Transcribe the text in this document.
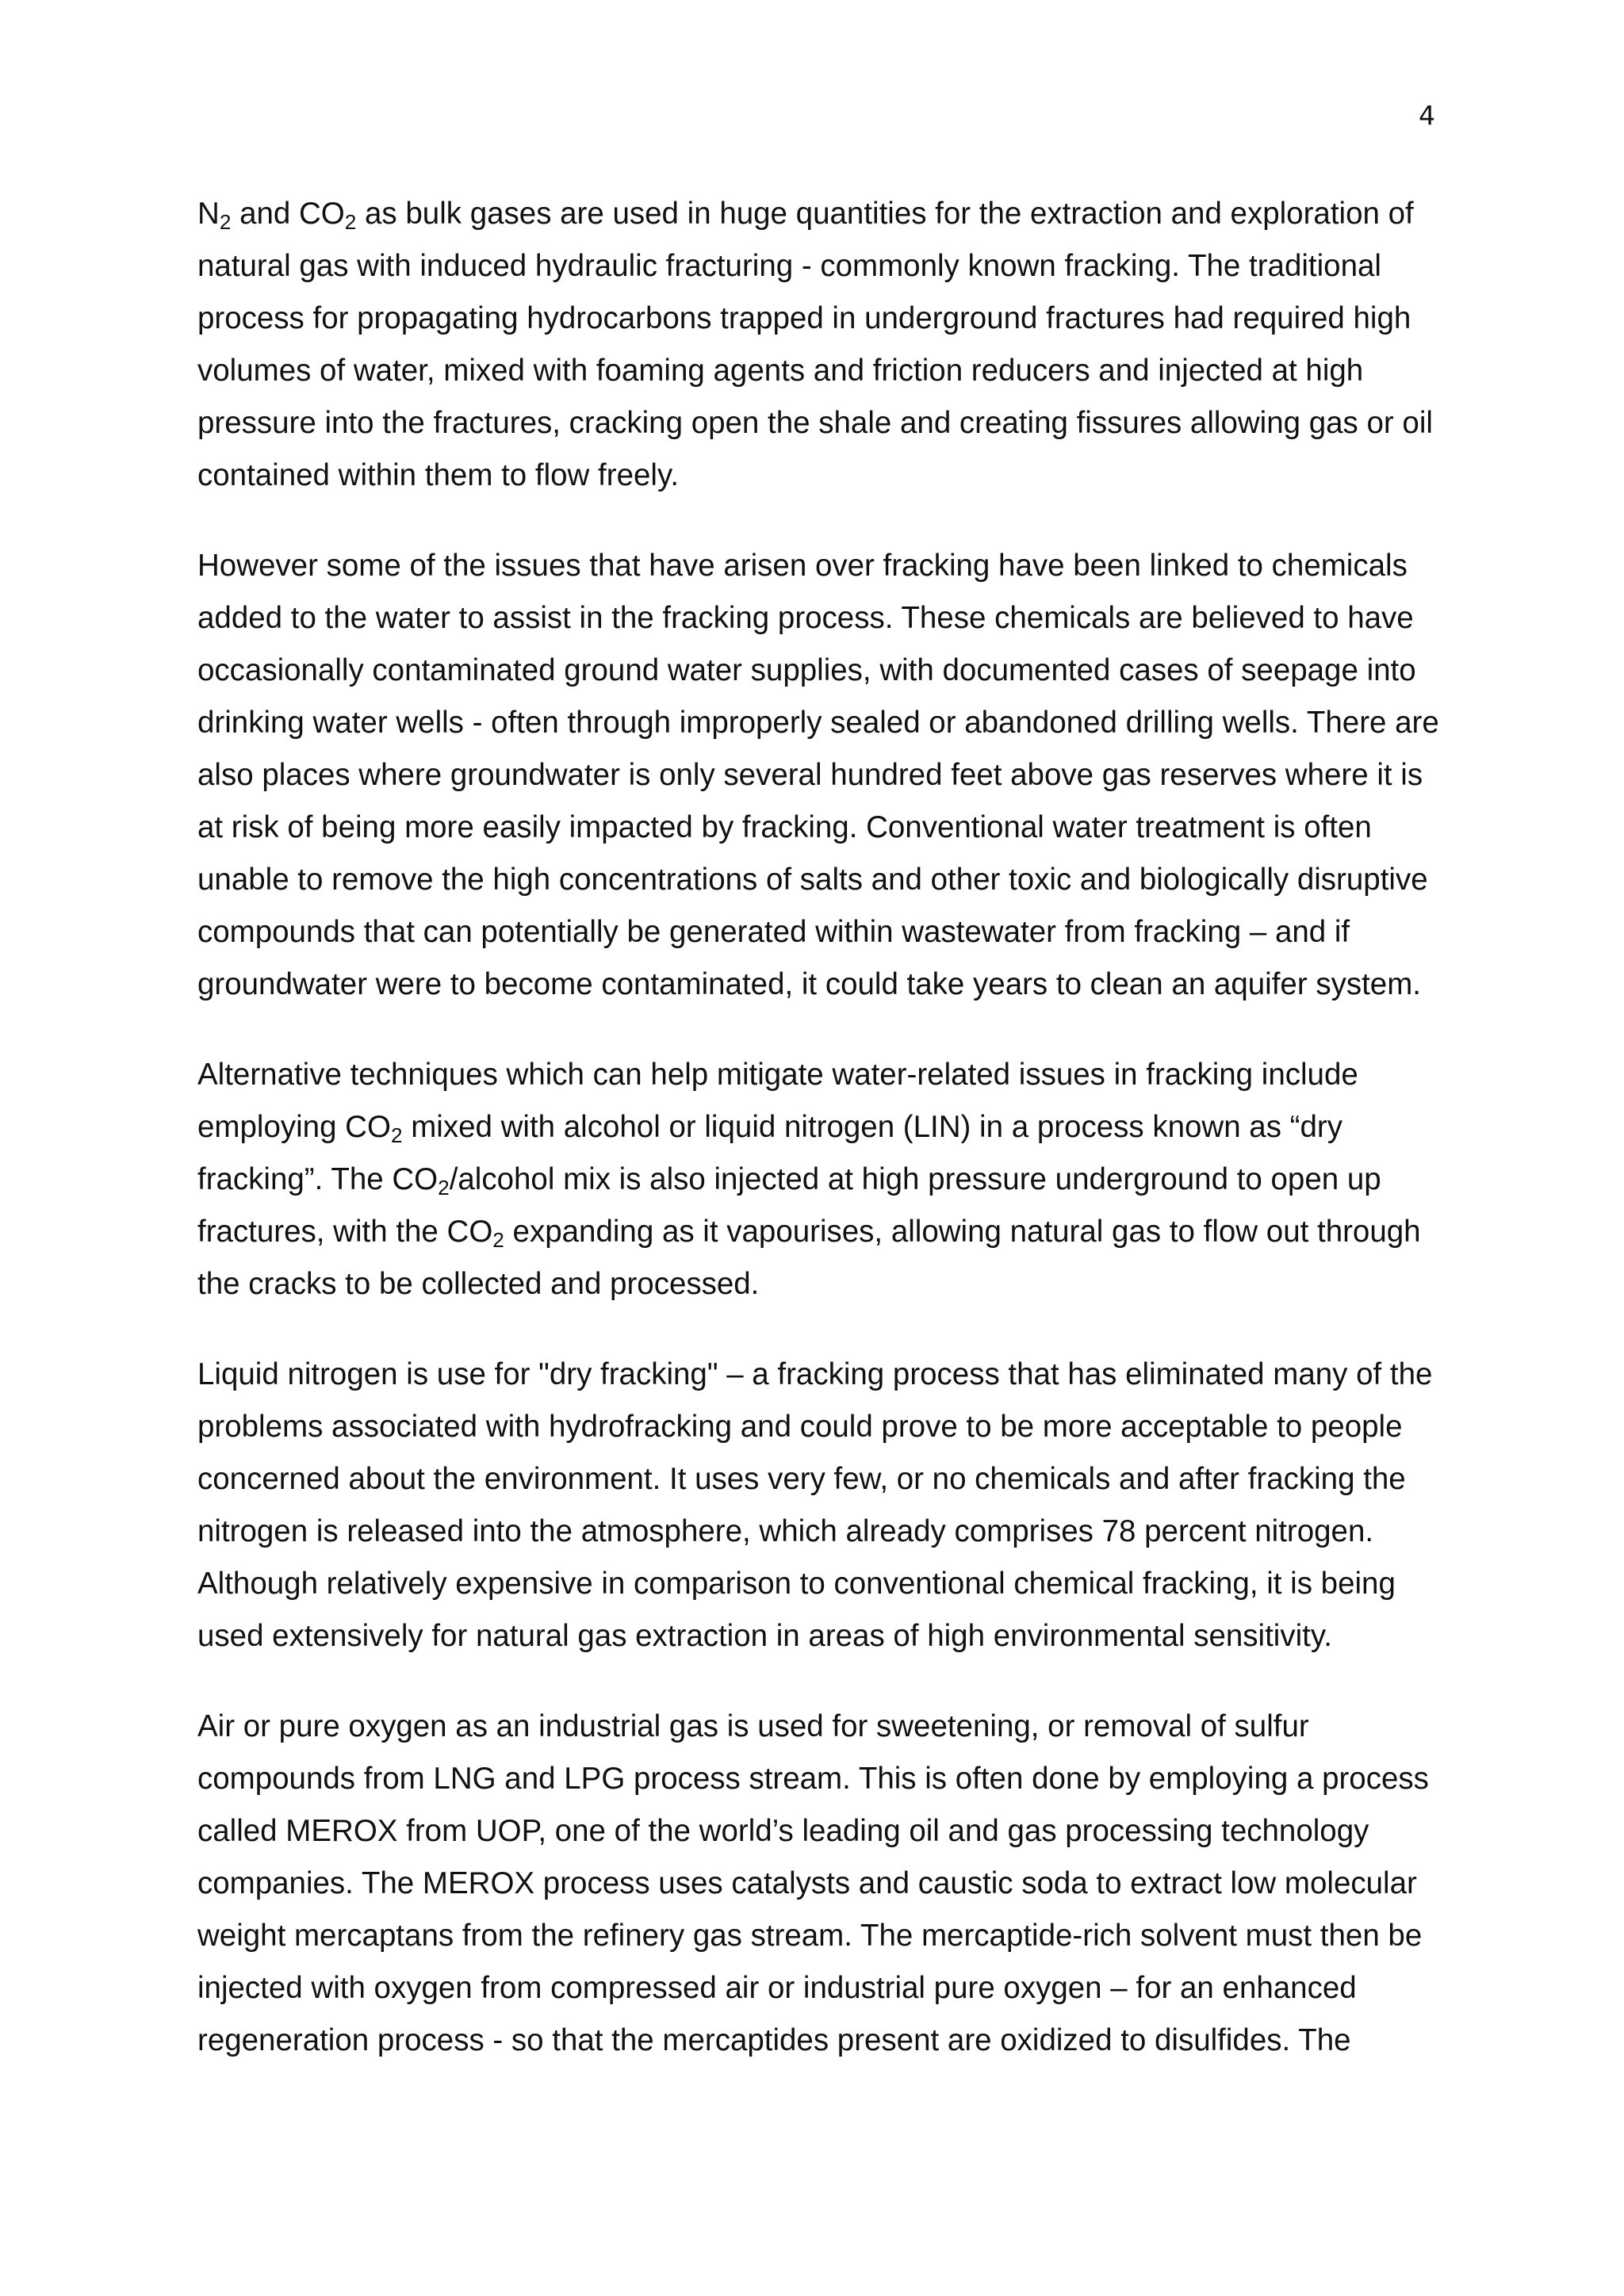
4
$N_2$ and $CO_2$ as bulk gases are used in huge quantities for the extraction and exploration of
natural gas with induced hydraulic fracturing - commonly known fracking. The traditional
process for propagating hydrocarbons trapped in underground fractures had required high
volumes of water, mixed with foaming agents and friction reducers and injected at high
pressure into the fractures, cracking open the shale and creating fissures allowing gas or oil
contained within them to flow freely.
However some of the issues that have arisen over fracking have been linked to chemicals
added to the water to assist in the fracking process. These chemicals are believed to have
occasionally contaminated ground water supplies, with documented cases of seepage into
drinking water wells - often through improperly sealed or abandoned drilling wells. There are
also places where groundwater is only several hundred feet above gas reserves where it is
at risk of being more easily impacted by fracking. Conventional water treatment is often
unable to remove the high concentrations of salts and other toxic and biologically disruptive
compounds that can potentially be generated within wastewater from fracking – and if
groundwater were to become contaminated, it could take years to clean an aquifer system.
Alternative techniques which can help mitigate water-related issues in fracking include
employing $CO_2$ mixed with alcohol or liquid nitrogen (LIN) in a process known as “dry
fracking”. The $CO_2$/alcohol mix is also injected at high pressure underground to open up
fractures, with the $CO_2$ expanding as it vapourises, allowing natural gas to flow out through
the cracks to be collected and processed.
Liquid nitrogen is use for "dry fracking" – a fracking process that has eliminated many of the
problems associated with hydrofracking and could prove to be more acceptable to people
concerned about the environment. It uses very few, or no chemicals and after fracking the
nitrogen is released into the atmosphere, which already comprises 78 percent nitrogen.
Although relatively expensive in comparison to conventional chemical fracking, it is being
used extensively for natural gas extraction in areas of high environmental sensitivity.
Air or pure oxygen as an industrial gas is used for sweetening, or removal of sulfur
compounds from LNG and LPG process stream. This is often done by employing a process
called MEROX from UOP, one of the world’s leading oil and gas processing technology
companies. The MEROX process uses catalysts and caustic soda to extract low molecular
weight mercaptans from the refinery gas stream. The mercaptide-rich solvent must then be
injected with oxygen from compressed air or industrial pure oxygen – for an enhanced
regeneration process - so that the mercaptides present are oxidized to disulfides. The
